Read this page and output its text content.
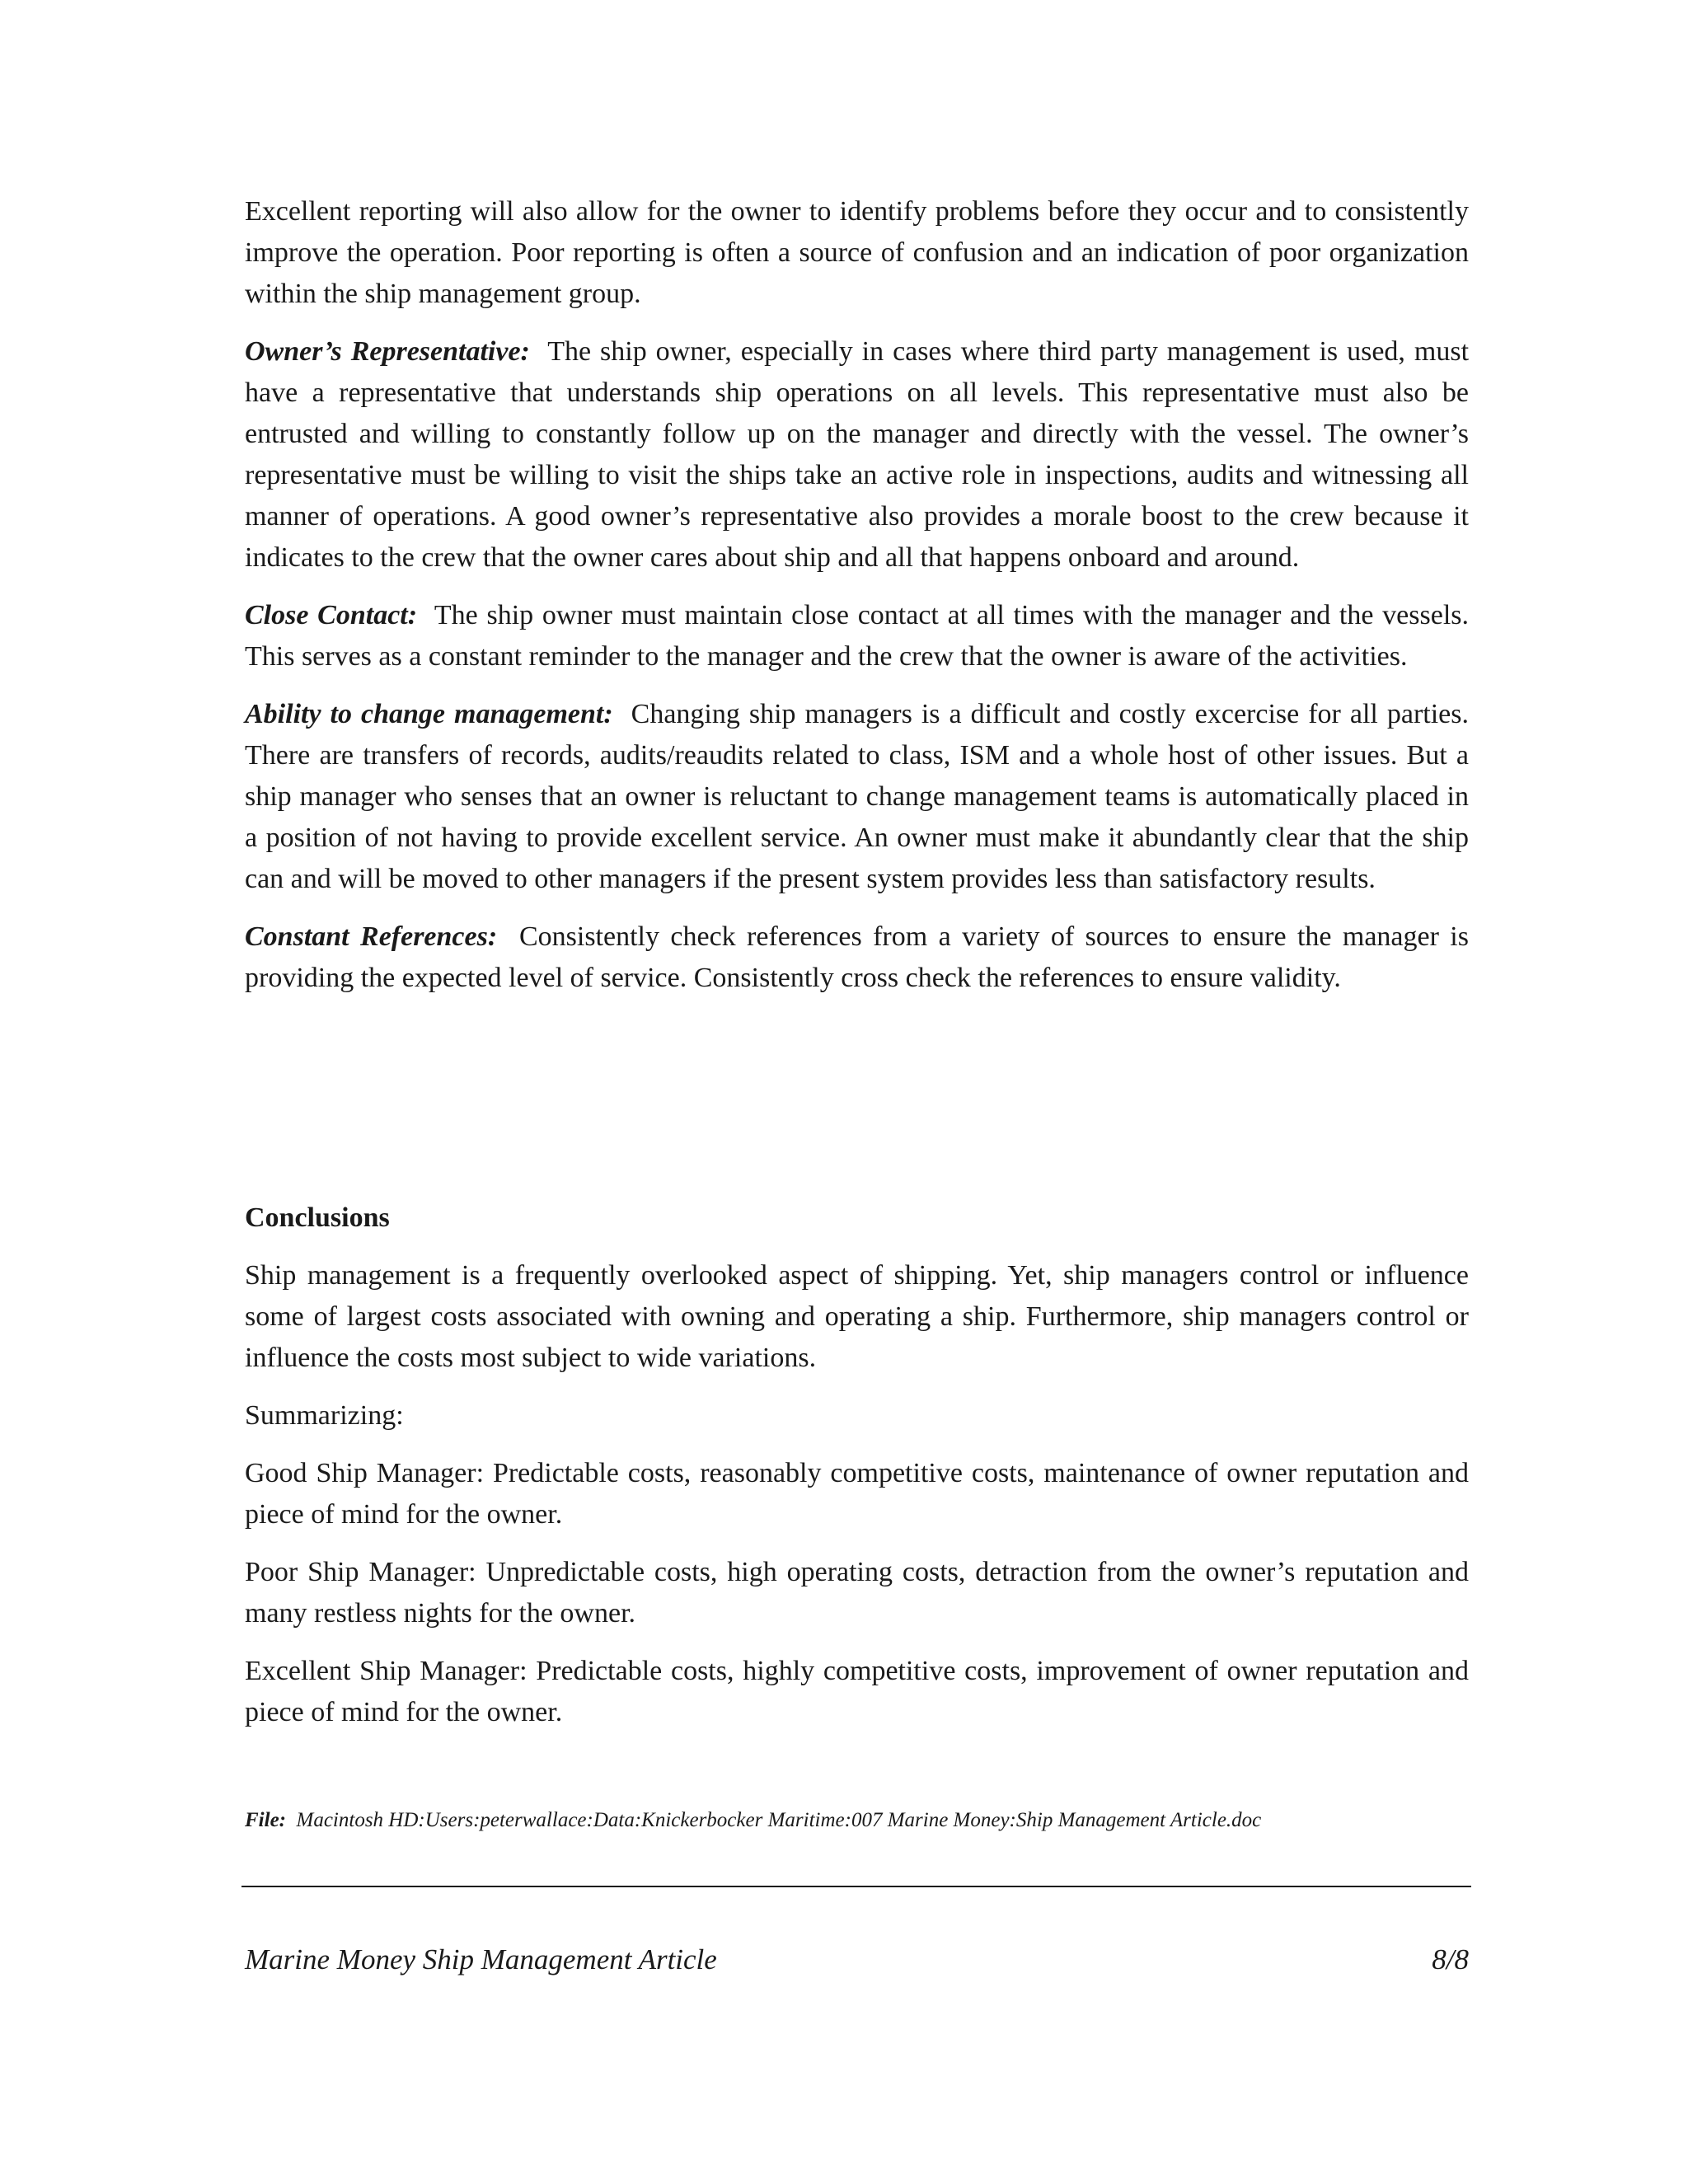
Excellent reporting will also allow for the owner to identify problems before they occur and to consistently improve the operation. Poor reporting is often a source of confusion and an indication of poor organization within the ship management group.

Owner’s Representative: The ship owner, especially in cases where third party management is used, must have a representative that understands ship operations on all levels. This representative must also be entrusted and willing to constantly follow up on the manager and directly with the vessel. The owner’s representative must be willing to visit the ships take an active role in inspections, audits and witnessing all manner of operations. A good owner’s representative also provides a morale boost to the crew because it indicates to the crew that the owner cares about ship and all that happens onboard and around.

Close Contact: The ship owner must maintain close contact at all times with the manager and the vessels. This serves as a constant reminder to the manager and the crew that the owner is aware of the activities.

Ability to change management: Changing ship managers is a difficult and costly excercise for all parties. There are transfers of records, audits/reaudits related to class, ISM and a whole host of other issues. But a ship manager who senses that an owner is reluctant to change management teams is automatically placed in a position of not having to provide excellent service. An owner must make it abundantly clear that the ship can and will be moved to other managers if the present system provides less than satisfactory results.

Constant References: Consistently check references from a variety of sources to ensure the manager is providing the expected level of service. Consistently cross check the references to ensure validity.

Conclusions

Ship management is a frequently overlooked aspect of shipping. Yet, ship managers control or influence some of largest costs associated with owning and operating a ship. Furthermore, ship managers control or influence the costs most subject to wide variations.

Summarizing:

Good Ship Manager: Predictable costs, reasonably competitive costs, maintenance of owner reputation and piece of mind for the owner.

Poor Ship Manager: Unpredictable costs, high operating costs, detraction from the owner’s reputation and many restless nights for the owner.

Excellent Ship Manager: Predictable costs, highly competitive costs, improvement of owner reputation and piece of mind for the owner.

File: Macintosh HD:Users:peterwallace:Data:Knickerbocker Maritime:007 Marine Money:Ship Management Article.doc
Marine Money Ship Management Article	8/8
